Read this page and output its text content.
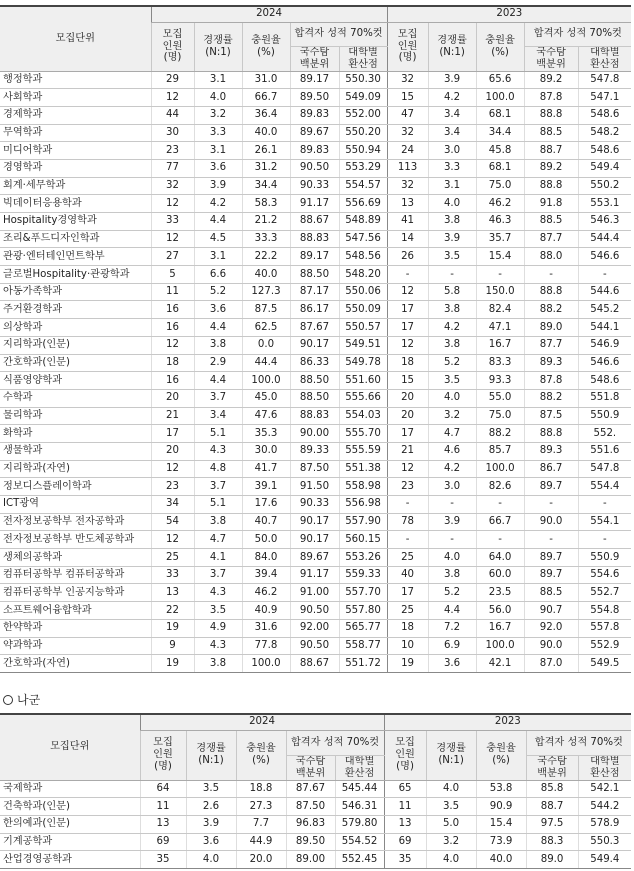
모집단위	2024					2023				
	모집
인원
(명)	경쟁률
(N:1)	충원율
(%)	합격자 성적 70%컷		모집
인원
(명)	경쟁률
(N:1)	충원율
(%)	합격자 성적 70%컷	
				국수탐
백분위	대학별
환산점				국수탐
백분위	대학별
환산점
행정학과	29	3.1	31.0	89.17	550.30	32	3.9	65.6	89.2	547.8
사회학과	12	4.0	66.7	89.50	549.09	15	4.2	100.0	87.8	547.1
경제학과	44	3.2	36.4	89.83	552.00	47	3.4	68.1	88.8	548.6
무역학과	30	3.3	40.0	89.67	550.20	32	3.4	34.4	88.5	548.2
미디어학과	23	3.1	26.1	89.83	550.94	24	3.0	45.8	88.7	548.6
경영학과	77	3.6	31.2	90.50	553.29	113	3.3	68.1	89.2	549.4
회계·세무학과	32	3.9	34.4	90.33	554.57	32	3.1	75.0	88.8	550.2
빅데이터응용학과	12	4.2	58.3	91.17	556.69	13	4.0	46.2	91.8	553.1
Hospitality경영학과	33	4.4	21.2	88.67	548.89	41	3.8	46.3	88.5	546.3
조리&푸드디자인학과	12	4.5	33.3	88.83	547.56	14	3.9	35.7	87.7	544.4
관광·엔터테인먼트학부	27	3.1	22.2	89.17	548.56	26	3.5	15.4	88.0	546.6
글로벌Hospitality·관광학과	5	6.6	40.0	88.50	548.20	-	-	-	-	-
아동가족학과	11	5.2	127.3	87.17	550.06	12	5.8	150.0	88.8	544.6
주거환경학과	16	3.6	87.5	86.17	550.09	17	3.8	82.4	88.2	545.2
의상학과	16	4.4	62.5	87.67	550.57	17	4.2	47.1	89.0	544.1
지리학과(인문)	12	3.8	0.0	90.17	549.51	12	3.8	16.7	87.7	546.9
간호학과(인문)	18	2.9	44.4	86.33	549.78	18	5.2	83.3	89.3	546.6
식품영양학과	16	4.4	100.0	88.50	551.60	15	3.5	93.3	87.8	548.6
수학과	20	3.7	45.0	88.50	555.66	20	4.0	55.0	88.2	551.8
물리학과	21	3.4	47.6	88.83	554.03	20	3.2	75.0	87.5	550.9
화학과	17	5.1	35.3	90.00	555.70	17	4.7	88.2	88.8	552.
생물학과	20	4.3	30.0	89.33	555.59	21	4.6	85.7	89.3	551.6
지리학과(자연)	12	4.8	41.7	87.50	551.38	12	4.2	100.0	86.7	547.8
정보디스플레이학과	23	3.7	39.1	91.50	558.98	23	3.0	82.6	89.7	554.4
ICT광역	34	5.1	17.6	90.33	556.98	-	-	-	-	-
전자정보공학부 전자공학과	54	3.8	40.7	90.17	557.90	78	3.9	66.7	90.0	554.1
전자정보공학부 반도체공학과	12	4.7	50.0	90.17	560.15	-	-	-	-	-
생체의공학과	25	4.1	84.0	89.67	553.26	25	4.0	64.0	89.7	550.9
컴퓨터공학부 컴퓨터공학과	33	3.7	39.4	91.17	559.33	40	3.8	60.0	89.7	554.6
컴퓨터공학부 인공지능학과	13	4.3	46.2	91.00	557.70	17	5.2	23.5	88.5	552.7
소프트웨어융합학과	22	3.5	40.9	90.50	557.80	25	4.4	56.0	90.7	554.8
한약학과	19	4.9	31.6	92.00	565.77	18	7.2	16.7	92.0	557.8
약과학과	9	4.3	77.8	90.50	558.77	10	6.9	100.0	90.0	552.9
간호학과(자연)	19	3.8	100.0	88.67	551.72	19	3.6	42.1	87.0	549.5
나군
모집단위	2024					2023				
	모집
인원
(명)	경쟁률
(N:1)	충원율
(%)	합격자 성적 70%컷		모집
인원
(명)	경쟁률
(N:1)	충원율
(%)	합격자 성적 70%컷	
				국수탐
백분위	대학별
환산점				국수탐
백분위	대학별
환산점
국제학과	64	3.5	18.8	87.67	545.44	65	4.0	53.8	85.8	542.1
건축학과(인문)	11	2.6	27.3	87.50	546.31	11	3.5	90.9	88.7	544.2
한의예과(인문)	13	3.9	7.7	96.83	579.80	13	5.0	15.4	97.5	578.9
기계공학과	69	3.6	44.9	89.50	554.52	69	3.2	73.9	88.3	550.3
산업경영공학과	35	4.0	20.0	89.00	552.45	35	4.0	40.0	89.0	549.4
